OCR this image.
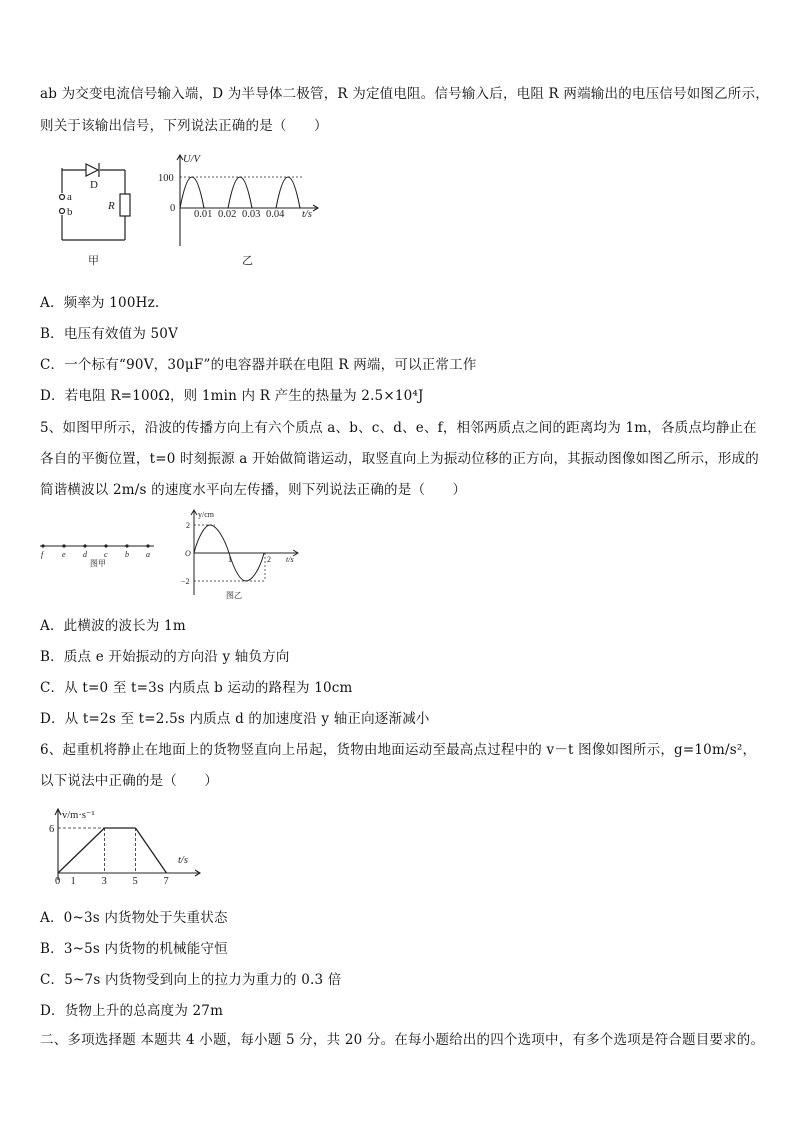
ab 为交变电流信号输入端，D 为半导体二极管，R 为定值电阻。信号输入后，电阻 R 两端输出的电压信号如图乙所示，
则关于该输出信号，下列说法正确的是（　　）
D
R
a
b
甲
U/V
100
0
0.01 0.02 0.03 0.04 t/s
乙
A．频率为 100Hz.
B．电压有效值为 50V
C．一个标有“90V，30μF”的电容器并联在电阻 R 两端，可以正常工作
D．若电阻 R=100Ω，则 1min 内 R 产生的热量为 2.5×10⁴J
5、如图甲所示，沿波的传播方向上有六个质点 a、b、c、d、e、f，相邻两质点之间的距离均为 1m，各质点均静止在
各自的平衡位置，t=0 时刻振源 a 开始做简谐运动，取竖直向上为振动位移的正方向，其振动图像如图乙所示，形成的
简谐横波以 2m/s 的速度水平向左传播，则下列说法正确的是（　　）
f e d c b a
图甲
y/cm
2
−2
O
1	2 t/s
图乙
A．此横波的波长为 1m
B．质点 e 开始振动的方向沿 y 轴负方向
C．从 t=0 至 t=3s 内质点 b 运动的路程为 10cm
D．从 t=2s 至 t=2.5s 内质点 d 的加速度沿 y 轴正向逐渐减小
6、起重机将静止在地面上的货物竖直向上吊起，货物由地面运动至最高点过程中的 v－t 图像如图所示，g=10m/s²，
以下说法中正确的是（　　）
v/m·s⁻¹
6
0 1 3 5 7
t/s
A．0~3s 内货物处于失重状态
B．3~5s 内货物的机械能守恒
C．5~7s 内货物受到向上的拉力为重力的 0.3 倍
D．货物上升的总高度为 27m
二、多项选择题 本题共 4 小题，每小题 5 分，共 20 分。在每小题给出的四个选项中，有多个选项是符合题目要求的。
